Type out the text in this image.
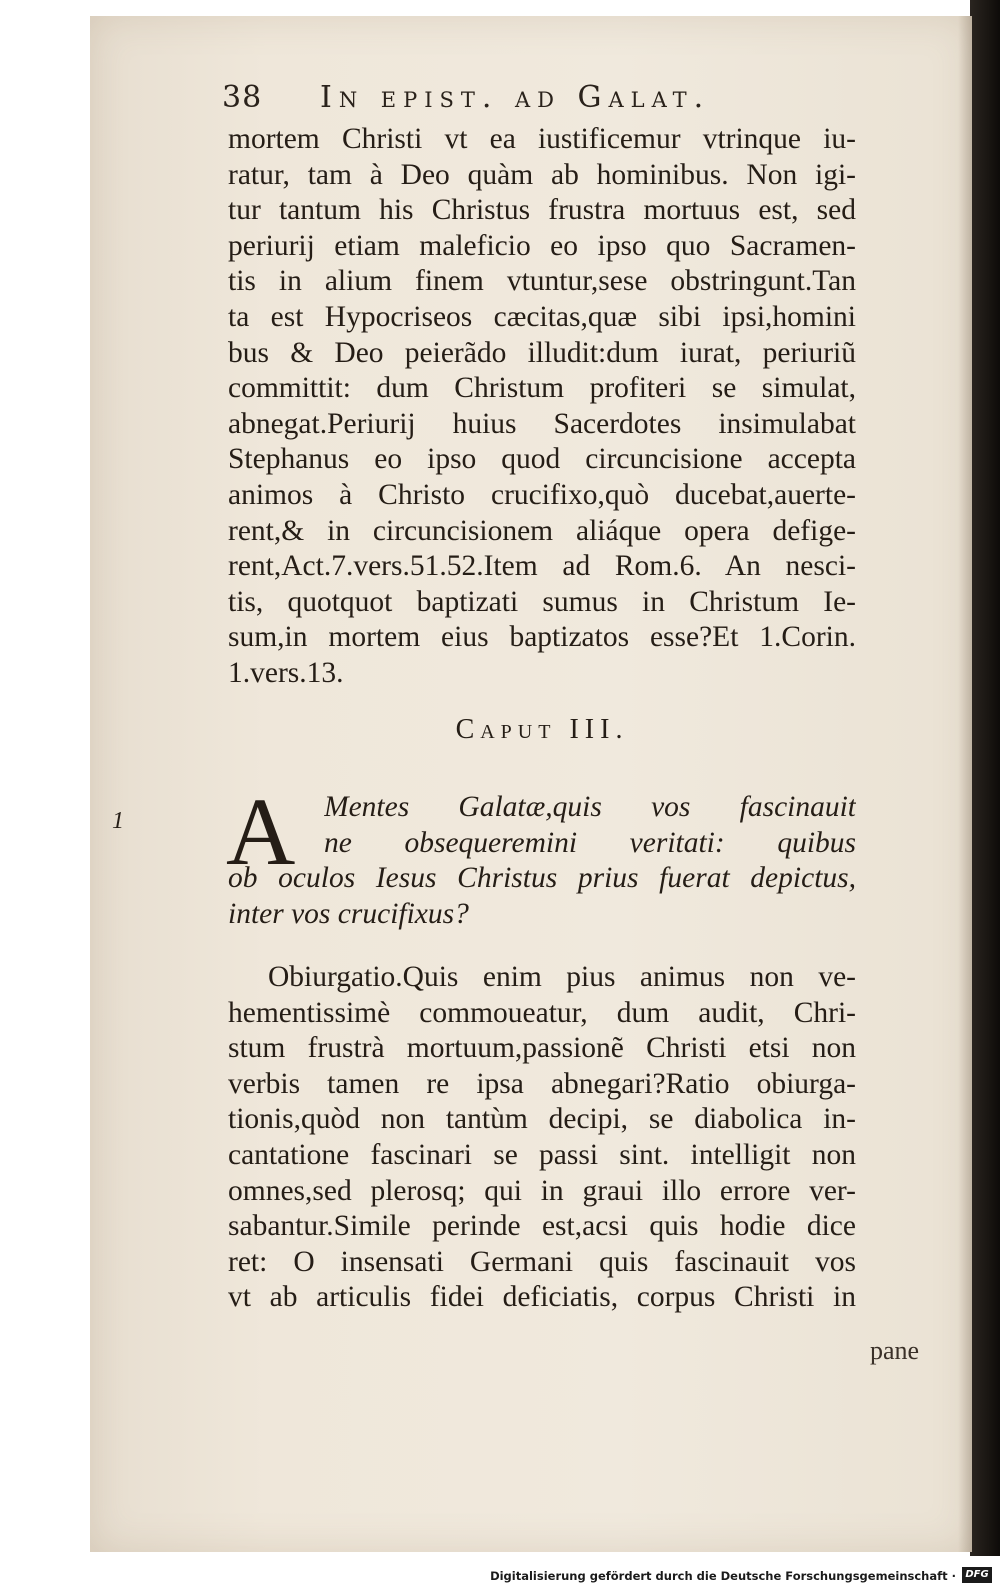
38 In epist. ad Galat.
mortem Christi vt ea iustificemur vtrinque iu-
ratur, tam à Deo quàm ab hominibus. Non igi-
tur tantum his Christus frustra mortuus est, sed
periurij etiam maleficio eo ipso quo Sacramen-
tis in alium finem vtuntur,sese obstringunt.Tan
ta est Hypocriseos cæcitas,quæ sibi ipsi,homini
bus & Deo peierãdo illudit:dum iurat, periuriũ
committit: dum Christum profiteri se simulat,
abnegat.Periurij huius Sacerdotes insimulabat
Stephanus eo ipso quod circuncisione accepta
animos à Christo crucifixo,quò ducebat,auerte-
rent,& in circuncisionem aliáque opera defige-
rent,Act.7.vers.51.52.Item ad Rom.6. An nesci-
tis, quotquot baptizati sumus in Christum Ie-
sum,in mortem eius baptizatos esse?Et 1.Corin.
1.vers.13.
Caput III.
1 A Mentes Galatæ,quis vos fascinauit
ne obsequeremini veritati: quibus
ob oculos Iesus Christus prius fuerat depictus,
inter vos crucifixus?
Obiurgatio.Quis enim pius animus non ve-
hementissimè commoueatur, dum audit, Chri-
stum frustrà mortuum,passionẽ Christi etsi non
verbis tamen re ipsa abnegari?Ratio obiurga-
tionis,quòd non tantùm decipi, se diabolica in-
cantatione fascinari se passi sint. intelligit non
omnes,sed plerosq; qui in graui illo errore ver-
sabantur.Simile perinde est,acsi quis hodie dice
ret: O insensati Germani quis fascinauit vos
vt ab articulis fidei deficiatis, corpus Christi in
pane
Digitalisierung gefördert durch die Deutsche Forschungsgemeinschaft · DFG
